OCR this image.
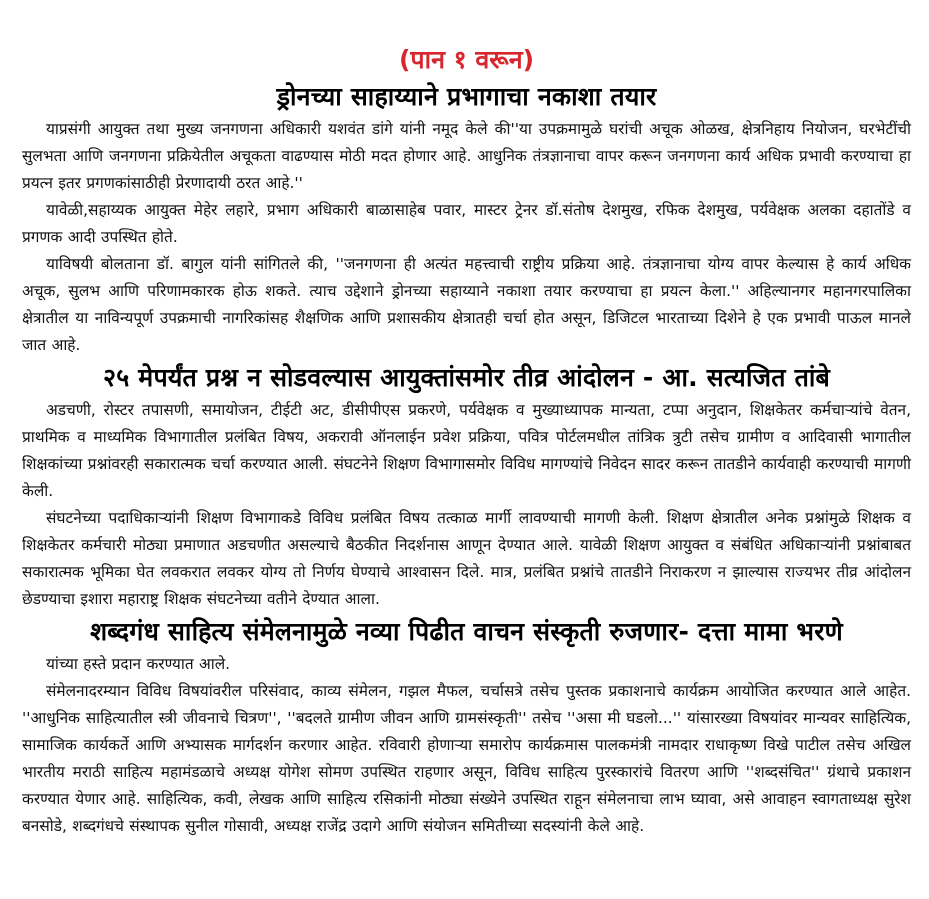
(पान १ वरून)
ड्रोनच्या साहाय्याने प्रभागाचा नकाशा तयार

याप्रसंगी आयुक्त तथा मुख्य जनगणना अधिकारी यशवंत डांगे यांनी नमूद केले की''या उपक्रमामुळे घरांची अचूक ओळख, क्षेत्रनिहाय नियोजन, घरभेटींची सुलभता आणि जनगणना प्रक्रियेतील अचूकता वाढण्यास मोठी मदत होणार आहे. आधुनिक तंत्रज्ञानाचा वापर करून जनगणना कार्य अधिक प्रभावी करण्याचा हा प्रयत्न इतर प्रगणकांसाठीही प्रेरणादायी ठरत आहे.''

यावेळी,सहाय्यक आयुक्त मेहेर लहारे, प्रभाग अधिकारी बाळासाहेब पवार, मास्टर ट्रेनर डॉ.संतोष देशमुख, रफिक देशमुख, पर्यवेक्षक अलका दहातोंडे व प्रगणक आदी उपस्थित होते.

याविषयी बोलताना डॉ. बागुल यांनी सांगितले की, ''जनगणना ही अत्यंत महत्त्वाची राष्ट्रीय प्रक्रिया आहे. तंत्रज्ञानाचा योग्य वापर केल्यास हे कार्य अधिक अचूक, सुलभ आणि परिणामकारक होऊ शकते. त्याच उद्देशाने ड्रोनच्या सहाय्याने नकाशा तयार करण्याचा हा प्रयत्न केला.'' अहिल्यानगर महानगरपालिका क्षेत्रातील या नाविन्यपूर्ण उपक्रमाची नागरिकांसह शैक्षणिक आणि प्रशासकीय क्षेत्रातही चर्चा होत असून, डिजिटल भारताच्या दिशेने हे एक प्रभावी पाऊल मानले जात आहे.

२५ मेपर्यंत प्रश्न न सोडवल्यास आयुक्तांसमोर तीव्र आंदोलन - आ. सत्यजित तांबे

अडचणी, रोस्टर तपासणी, समायोजन, टीईटी अट, डीसीपीएस प्रकरणे, पर्यवेक्षक व मुख्याध्यापक मान्यता, टप्पा अनुदान, शिक्षकेतर कर्मचाऱ्यांचे वेतन, प्राथमिक व माध्यमिक विभागातील प्रलंबित विषय, अकरावी ऑनलाईन प्रवेश प्रक्रिया, पवित्र पोर्टलमधील तांत्रिक त्रुटी तसेच ग्रामीण व आदिवासी भागातील शिक्षकांच्या प्रश्नांवरही सकारात्मक चर्चा करण्यात आली. संघटनेने शिक्षण विभागासमोर विविध मागण्यांचे निवेदन सादर करून तातडीने कार्यवाही करण्याची मागणी केली.

संघटनेच्या पदाधिकाऱ्यांनी शिक्षण विभागाकडे विविध प्रलंबित विषय तत्काळ मार्गी लावण्याची मागणी केली. शिक्षण क्षेत्रातील अनेक प्रश्नांमुळे शिक्षक व शिक्षकेतर कर्मचारी मोठ्या प्रमाणात अडचणीत असल्याचे बैठकीत निदर्शनास आणून देण्यात आले. यावेळी शिक्षण आयुक्त व संबंधित अधिकाऱ्यांनी प्रश्नांबाबत सकारात्मक भूमिका घेत लवकरात लवकर योग्य तो निर्णय घेण्याचे आश्वासन दिले. मात्र, प्रलंबित प्रश्नांचे तातडीने निराकरण न झाल्यास राज्यभर तीव्र आंदोलन छेडण्याचा इशारा महाराष्ट्र शिक्षक संघटनेच्या वतीने देण्यात आला.

शब्दगंध साहित्य संमेलनामुळे नव्या पिढीत वाचन संस्कृती रुजणार- दत्ता मामा भरणे

यांच्या हस्ते प्रदान करण्यात आले.

संमेलनादरम्यान विविध विषयांवरील परिसंवाद, काव्य संमेलन, गझल मैफल, चर्चासत्रे तसेच पुस्तक प्रकाशनाचे कार्यक्रम आयोजित करण्यात आले आहेत. ''आधुनिक साहित्यातील स्त्री जीवनाचे चित्रण'', ''बदलते ग्रामीण जीवन आणि ग्रामसंस्कृती'' तसेच ''असा मी घडलो...'' यांसारख्या विषयांवर मान्यवर साहित्यिक, सामाजिक कार्यकर्ते आणि अभ्यासक मार्गदर्शन करणार आहेत. रविवारी होणाऱ्या समारोप कार्यक्रमास पालकमंत्री नामदार राधाकृष्ण विखे पाटील तसेच अखिल भारतीय मराठी साहित्य महामंडळाचे अध्यक्ष योगेश सोमण उपस्थित राहणार असून, विविध साहित्य पुरस्कारांचे वितरण आणि ''शब्दसंचित'' ग्रंथाचे प्रकाशन करण्यात येणार आहे. साहित्यिक, कवी, लेखक आणि साहित्य रसिकांनी मोठ्या संख्येने उपस्थित राहून संमेलनाचा लाभ घ्यावा, असे आवाहन स्वागताध्यक्ष सुरेश बनसोडे, शब्दगंधचे संस्थापक सुनील गोसावी, अध्यक्ष राजेंद्र उदागे आणि संयोजन समितीच्या सदस्यांनी केले आहे.
